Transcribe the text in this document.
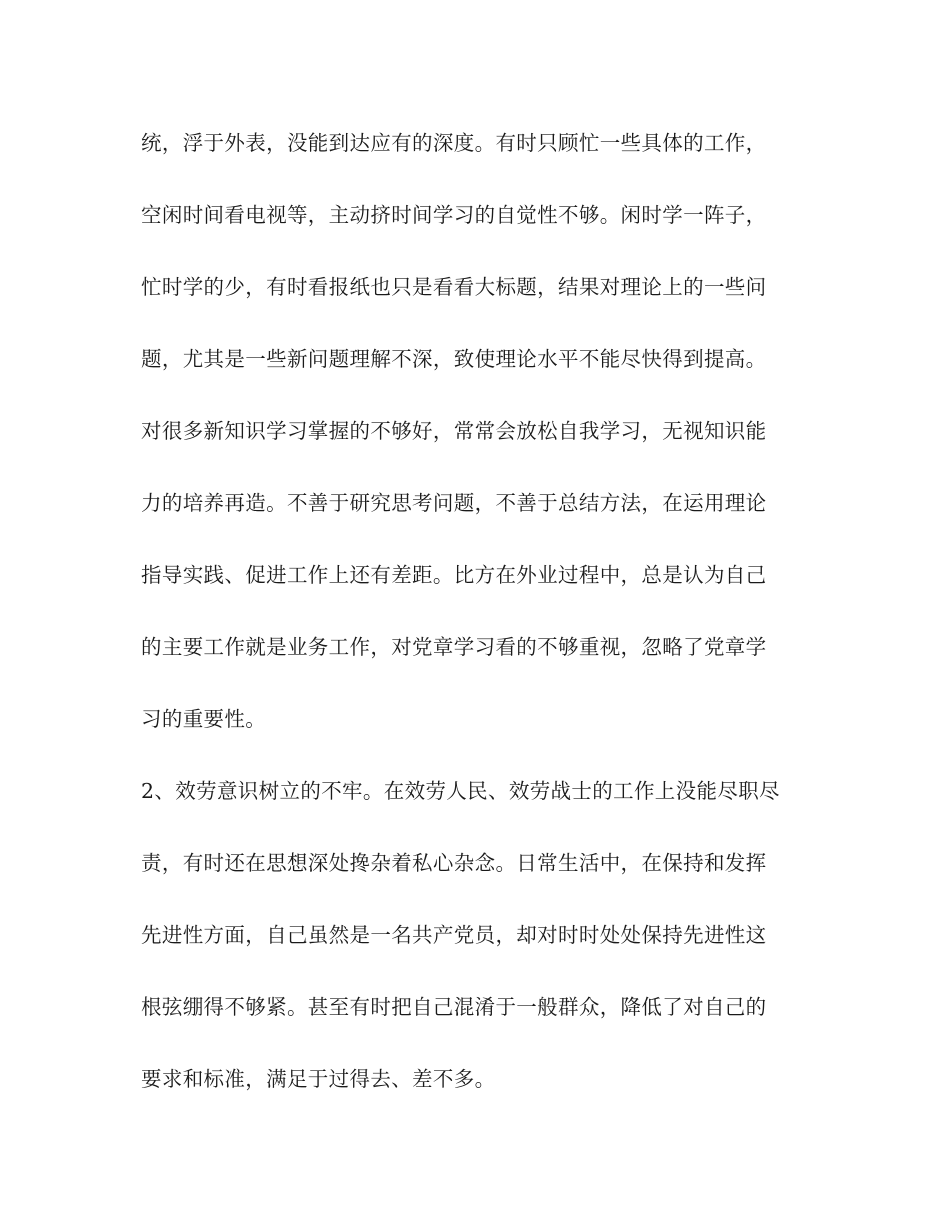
统，浮于外表，没能到达应有的深度。有时只顾忙一些具体的工作，
空闲时间看电视等，主动挤时间学习的自觉性不够。闲时学一阵子，
忙时学的少，有时看报纸也只是看看大标题，结果对理论上的一些问
题，尤其是一些新问题理解不深，致使理论水平不能尽快得到提高。
对很多新知识学习掌握的不够好，常常会放松自我学习，无视知识能
力的培养再造。不善于研究思考问题，不善于总结方法，在运用理论
指导实践、促进工作上还有差距。比方在外业过程中，总是认为自己
的主要工作就是业务工作，对党章学习看的不够重视，忽略了党章学
习的重要性。
2、效劳意识树立的不牢。在效劳人民、效劳战士的工作上没能尽职尽
责，有时还在思想深处搀杂着私心杂念。日常生活中，在保持和发挥
先进性方面，自己虽然是一名共产党员，却对时时处处保持先进性这
根弦绷得不够紧。甚至有时把自己混淆于一般群众，降低了对自己的
要求和标准，满足于过得去、差不多。
